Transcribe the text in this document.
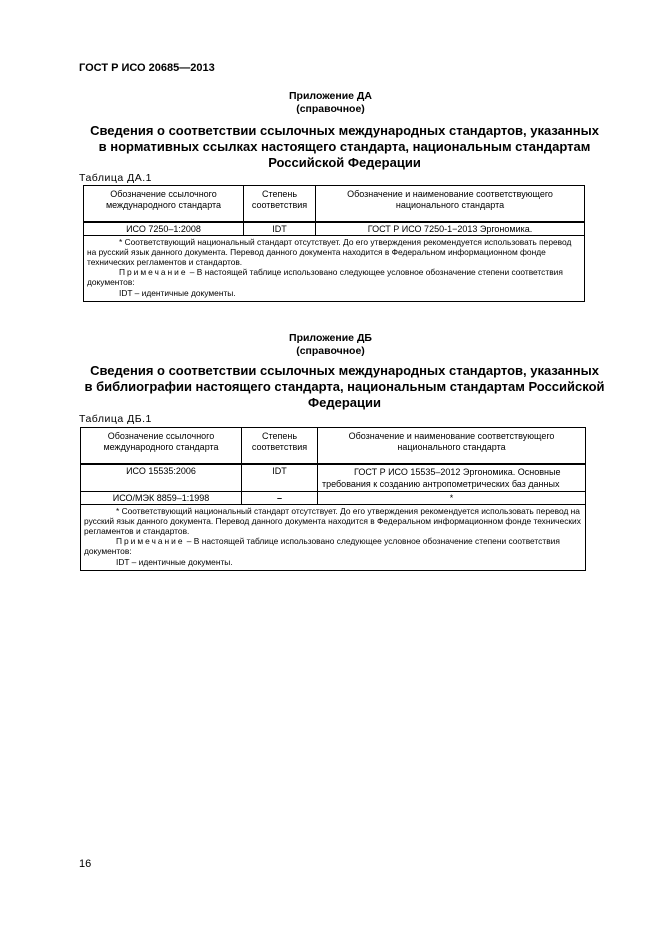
ГОСТ Р ИСО 20685—2013
Приложение ДА
(справочное)
Сведения о соответствии ссылочных международных стандартов, указанных
в нормативных ссылках настоящего стандарта, национальным стандартам
Российской Федерации
Таблица ДА.1
Обозначение ссылочного международного стандарта	Степень соответствия	Обозначение и наименование соответствующего национального стандарта
ИСО 7250–1:2008	IDT	ГОСТ Р ИСО 7250-1−2013 Эргономика.

* Соответствующий национальный стандарт отсутствует. До его утверждения рекомендуется использовать перевод на русский язык данного документа. Перевод данного документа находится в Федеральном информационном фонде технических регламентов и стандартов.
Примечание – В настоящей таблице использовано следующее условное обозначение степени соответствия документов:
IDT – идентичные документы.		
Приложение ДБ
(справочное)
Сведения о соответствии ссылочных международных стандартов, указанных
в библиографии настоящего стандарта, национальным стандартам Российской
Федерации
Таблица ДБ.1
Обозначение ссылочного международного стандарта	Степень соответствия	Обозначение и наименование соответствующего национального стандарта
ИСО 15535:2006	IDT	ГОСТ Р ИСО 15535–2012 Эргономика. Основные требования к созданию антропометрических баз данных

ИСО/МЭК 8859–1:1998	–	*

* Соответствующий национальный стандарт отсутствует. До его утверждения рекомендуется использовать перевод на русский язык данного документа. Перевод данного документа находится в Федеральном информационном фонде технических регламентов и стандартов.
Примечание – В настоящей таблице использовано следующее условное обозначение степени соответствия документов:
IDT – идентичные документы.		
16
